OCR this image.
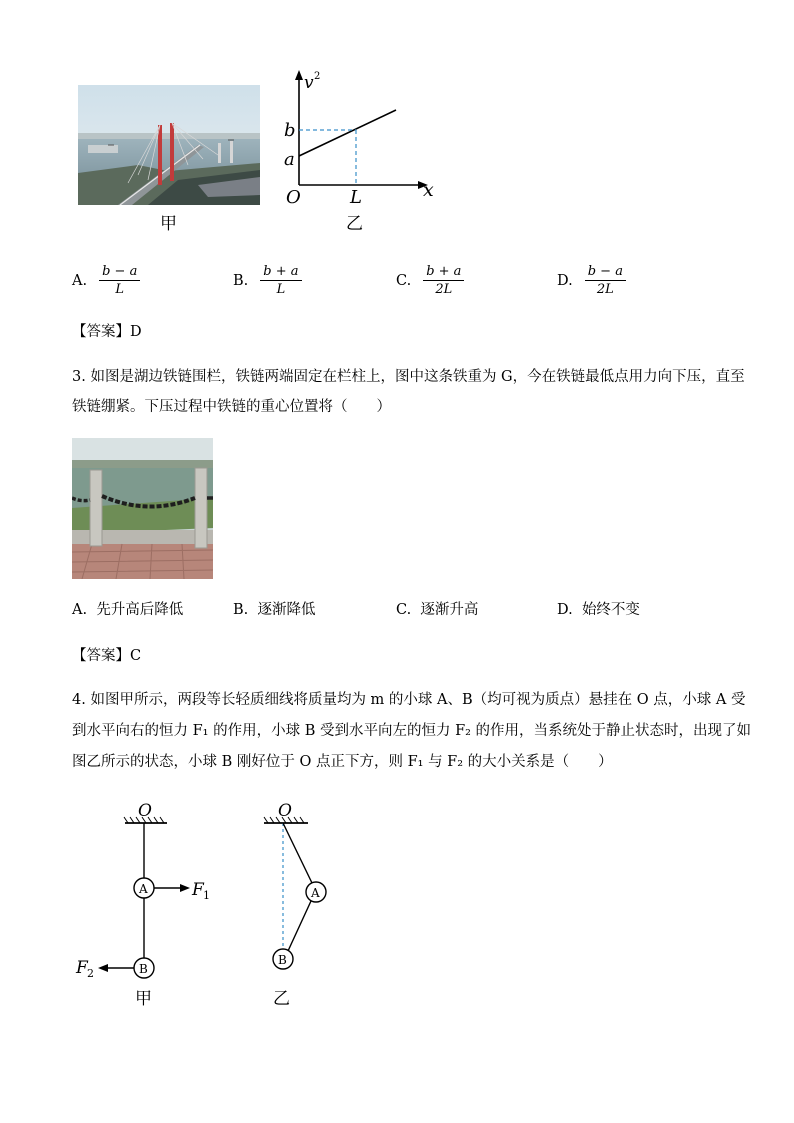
甲
v 2
b
a
O	L	x
乙
A. $\frac{b - a}{L}$	B. $\frac{b + a}{L}$	C. $\frac{b + a}{2L}$	D. $\frac{b - a}{2L}$
【答案】D
3. 如图是湖边铁链围栏，铁链两端固定在栏柱上，图中这条铁重为 G，今在铁链最低点用力向下压，直至
铁链绷紧。下压过程中铁链的重心位置将（　　）
A. 先升高后降低	B. 逐渐降低	C. 逐渐升高	D. 始终不变
【答案】C
4. 如图甲所示，两段等长轻质细线将质量均为 m 的小球 A、B（均可视为质点）悬挂在 O 点，小球 A 受
到水平向右的恒力 F₁ 的作用，小球 B 受到水平向左的恒力 F₂ 的作用，当系统处于静止状态时，出现了如
图乙所示的状态，小球 B 刚好位于 O 点正下方，则 F₁ 与 F₂ 的大小关系是（　　）
O
A	F 1
B
F 2
甲
O
A
B
乙
